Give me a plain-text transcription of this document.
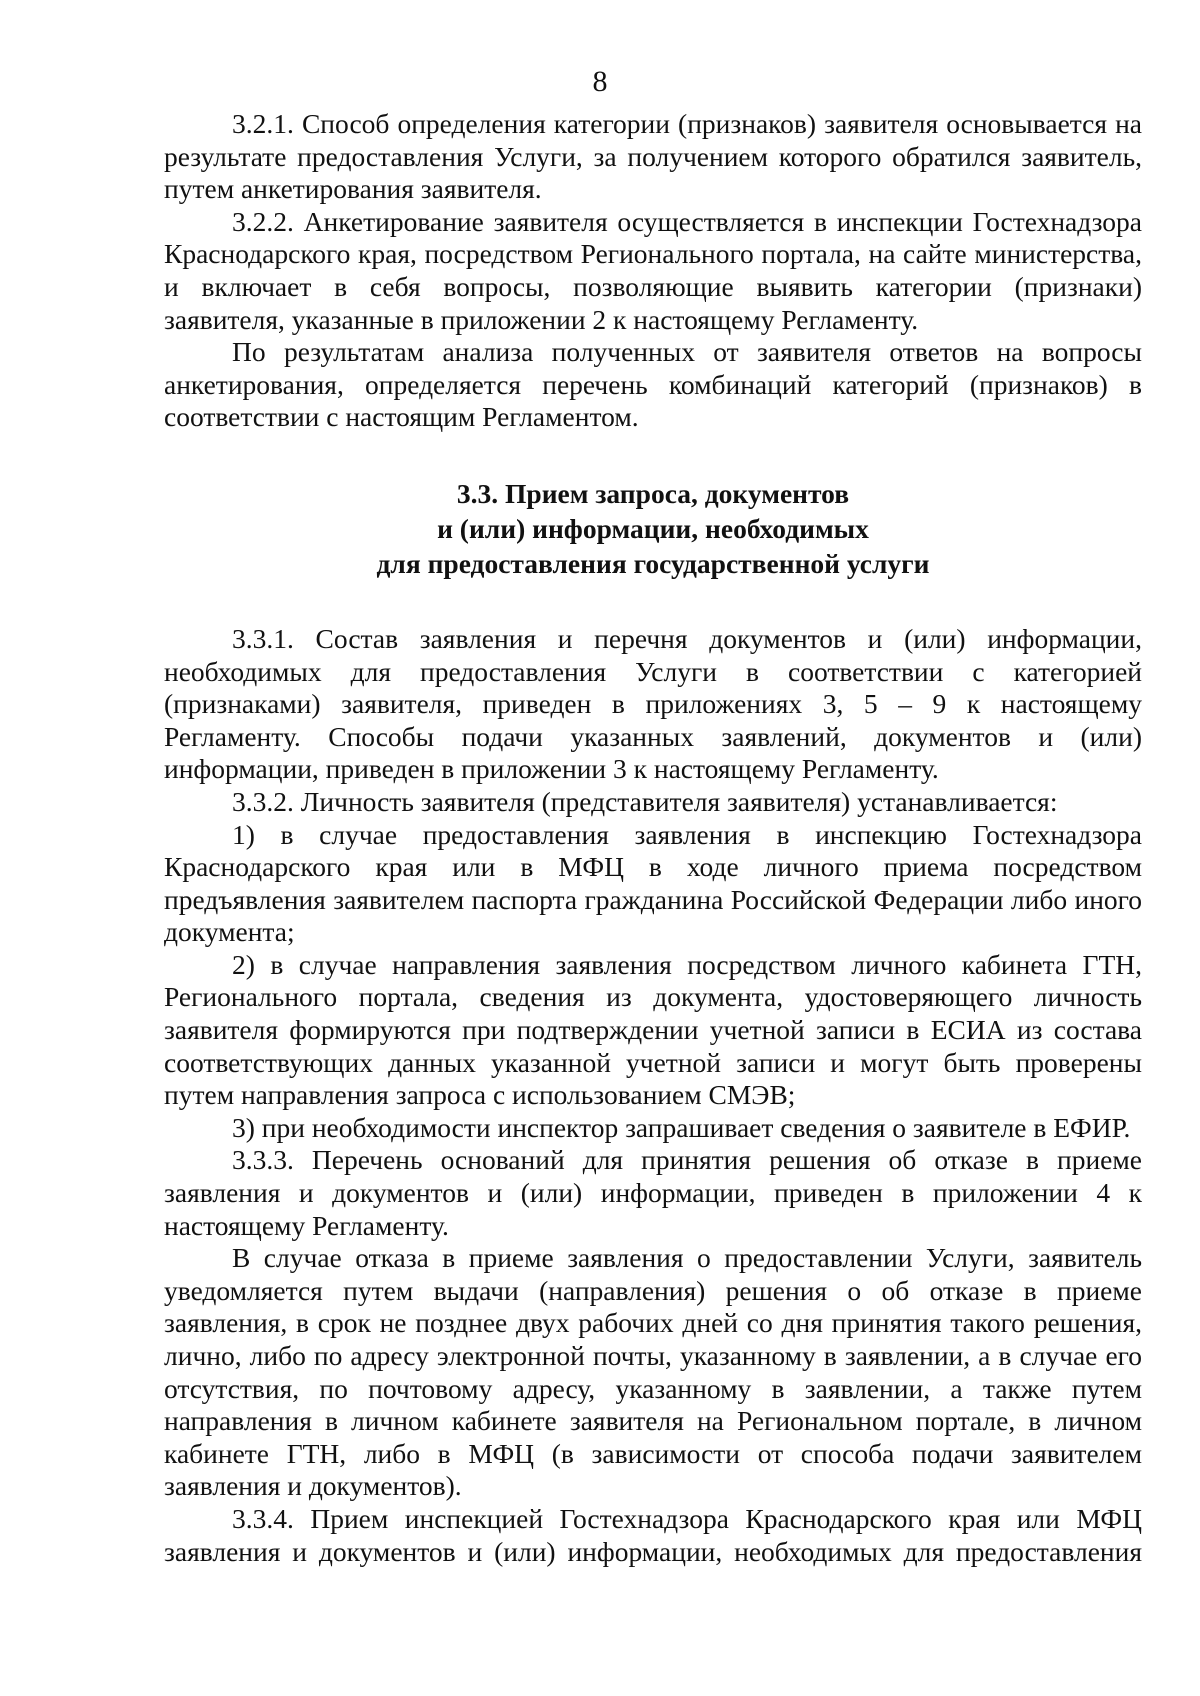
8

3.2.1. Способ определения категории (признаков) заявителя основывается на результате предоставления Услуги, за получением которого обратился заявитель, путем анкетирования заявителя.

3.2.2. Анкетирование заявителя осуществляется в инспекции Гостехнадзора Краснодарского края, посредством Регионального портала, на сайте министерства, и включает в себя вопросы, позволяющие выявить категории (признаки) заявителя, указанные в приложении 2 к настоящему Регламенту.

По результатам анализа полученных от заявителя ответов на вопросы анкетирования, определяется перечень комбинаций категорий (признаков) в соответствии с настоящим Регламентом.

3.3. Прием запроса, документов
и (или) информации, необходимых
для предоставления государственной услуги

3.3.1. Состав заявления и перечня документов и (или) информации, необходимых для предоставления Услуги в соответствии с категорией (признаками) заявителя, приведен в приложениях 3, 5 – 9 к настоящему Регламенту. Способы подачи указанных заявлений, документов и (или) информации, приведен в приложении 3 к настоящему Регламенту.

3.3.2. Личность заявителя (представителя заявителя) устанавливается:

1) в случае предоставления заявления в инспекцию Гостехнадзора Краснодарского края или в МФЦ в ходе личного приема посредством предъявления заявителем паспорта гражданина Российской Федерации либо иного документа;

2) в случае направления заявления посредством личного кабинета ГТН, Регионального портала, сведения из документа, удостоверяющего личность заявителя формируются при подтверждении учетной записи в ЕСИА из состава соответствующих данных указанной учетной записи и могут быть проверены путем направления запроса с использованием СМЭВ;

3) при необходимости инспектор запрашивает сведения о заявителе в ЕФИР.

3.3.3. Перечень оснований для принятия решения об отказе в приеме заявления и документов и (или) информации, приведен в приложении 4 к настоящему Регламенту.

В случае отказа в приеме заявления о предоставлении Услуги, заявитель уведомляется путем выдачи (направления) решения о об отказе в приеме заявления, в срок не позднее двух рабочих дней со дня принятия такого решения, лично, либо по адресу электронной почты, указанному в заявлении, а в случае его отсутствия, по почтовому адресу, указанному в заявлении, а также путем направления в личном кабинете заявителя на Региональном портале, в личном кабинете ГТН, либо в МФЦ (в зависимости от способа подачи заявителем заявления и документов).

3.3.4. Прием инспекцией Гостехнадзора Краснодарского края или МФЦ заявления и документов и (или) информации, необходимых для предоставления
